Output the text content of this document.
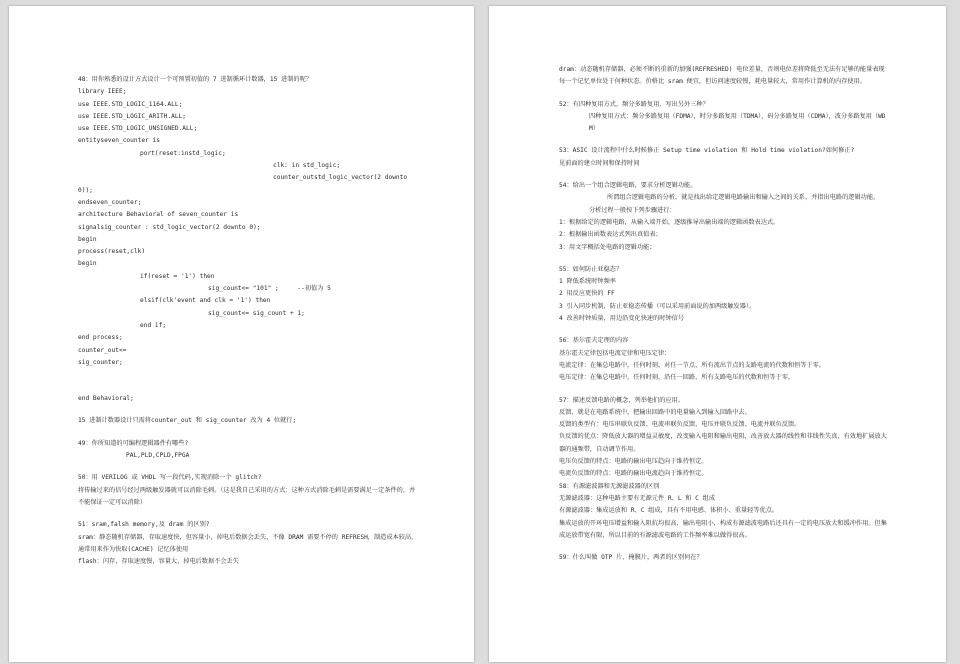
48：用你熟悉的设计方式设计一个可预置初值的 7 进制循环计数器，15 进制的呢？
library IEEE;
use IEEE.STD_LOGIC_1164.ALL;
use IEEE.STD_LOGIC_ARITH.ALL;
use IEEE.STD_LOGIC_UNSIGNED.ALL;
entityseven_counter is
port(reset:instd_logic;
clk: in std_logic;
counter_outstd_logic_vector(2 downto
0));
endseven_counter;
architecture Behavioral of seven_counter is
signalsig_counter : std_logic_vector(2 downto 0);
begin
process(reset,clk)
begin
if(reset = '1') then
sig_count<= "101" ;     --初值为 5
elsif(clk'event and clk = '1') then
sig_count<= sig_count + 1;
end if;
end process;
counter_out<=
sig_counter;
end Behavioral;
15 进制计数器设计只需将counter_out 和 sig_counter 改为 4 位就行;
49：你所知道的可编程逻辑器件有哪些?
PAL,PLD,CPLD,FPGA
50：用 VERILOG 或 VHDL 写一段代码,实现消除一个 glitch?
将传输过来的信号经过两级触发器就可以消除毛刺。（这是我自己采用的方式：这种方式消除毛刺是需要满足一定条件的，并不能保证一定可以消除）
51：sram,falsh memory,及 dram 的区别?
sram：静态随机存储器，存取速度快，但容量小，掉电后数据会丢失，不像 DRAM 需要不停的 REFRESH，制造成本较高，通常用来作为快取(CACHE) 记忆体使用
flash：闪存，存取速度慢，容量大，掉电后数据不会丢失
dram：动态随机存储器，必须不断的重新的加强(REFRESHED) 电位差量，否则电位差将降低至无法有足够的能量表现每一个记忆单位处于何种状态。价格比 sram 便宜，但访问速度较慢，耗电量较大，常用作计算机的内存使用。
52：有四种复用方式，频分多路复用，写出另外三种？
四种复用方式：频分多路复用（FDMA），时分多路复用（TDMA），码分多路复用（CDMA），波分多路复用（WDM）
53：ASIC 设计流程中什么时候修正 Setup time violation 和 Hold time violation?如何修正?
见前面的建立时间和保持时间
54：给出一个组合逻辑电路，要求分析逻辑功能。
所谓组合逻辑电路的分析，就是找出给定逻辑电路输出和输入之间的关系，并指出电路的逻辑功能。
分析过程一般按下列步骤进行：
1：根据给定的逻辑电路，从输入端开始，逐级推导出输出端的逻辑函数表达式。
2：根据输出函数表达式列出真值表；
3：用文字概括处电路的逻辑功能；
55：如何防止亚稳态？
1 降低系统时钟频率
2 用反应更快的 FF
3 引入同步机制，防止亚稳态传播（可以采用前面说的加两级触发器）。
4 改善时钟质量，用边沿变化快速的时钟信号
56：基尔霍夫定理的内容
基尔霍夫定律包括电流定律和电压定律：
电流定律：在集总电路中，任何时刻，对任一节点，所有流出节点的支路电流的代数和恒等于零。
电压定律：在集总电路中，任何时刻，沿任一回路，所有支路电压的代数和恒等于零。
57：描述反馈电路的概念，列举他们的应用。
反馈，就是在电路系统中，把输出回路中的电量输入到输入回路中去。
反馈的类型有：电压串联负反馈、电流串联负反馈、电压并联负反馈、电流并联负反馈。
负反馈的优点：降低放大器的增益灵敏度，改变输入电阻和输出电阻，改善放大器的线性和非线性失真，有效地扩展放大器的通频带，自动调节作用。
电压负反馈的特点：电路的输出电压趋向于维持恒定。
电流负反馈的特点：电路的输出电流趋向于维持恒定。
58：有源滤波器和无源滤波器的区别
无源滤波器：这种电路主要有无源元件 R、L 和 C 组成
有源滤波器：集成运放和 R、C 组成，具有不用电感、体积小、重量轻等优点。
集成运放的开环电压增益和输入阻抗均很高，输出电阻小，构成有源滤波电路后还具有一定的电压放大和缓冲作用。但集成运放带宽有限，所以目前的有源滤波电路的工作频率难以做得很高。
59：什么叫做 OTP 片、掩膜片，两者的区别何在？
